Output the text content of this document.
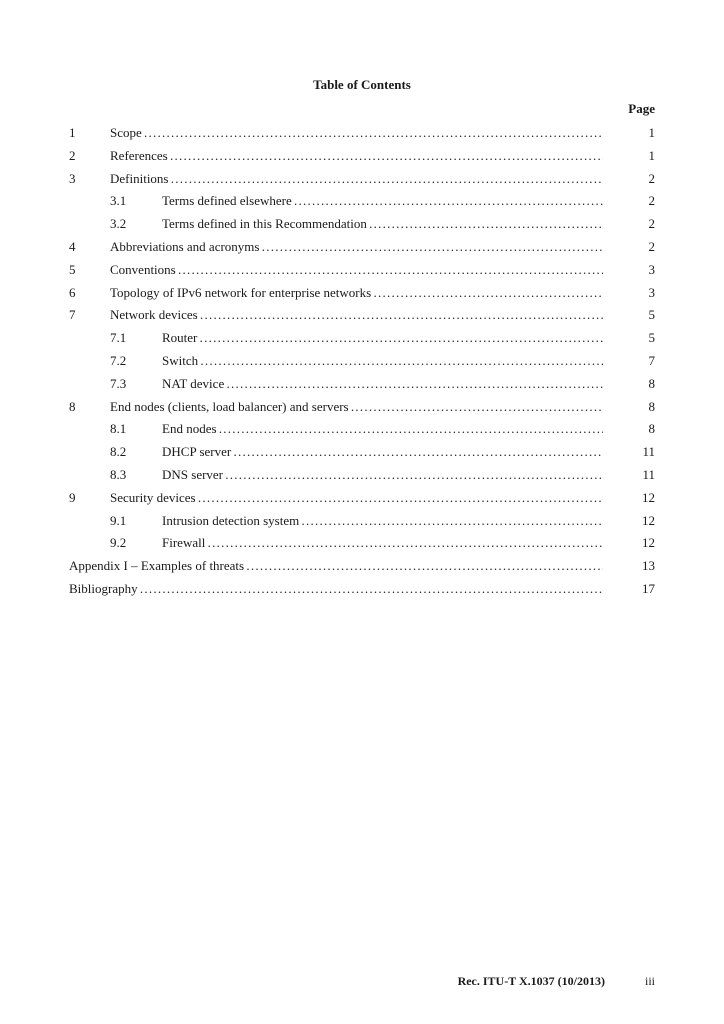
Table of Contents
Page
1	Scope . . .	1
2	References . . .	1
3	Definitions . . .	2
3.1	Terms defined elsewhere . . .	2
3.2	Terms defined in this Recommendation . . .	2
4	Abbreviations and acronyms . . .	2
5	Conventions . . .	3
6	Topology of IPv6 network for enterprise networks . . .	3
7	Network devices . . .	5
7.1	Router . . .	5
7.2	Switch . . .	7
7.3	NAT device . . .	8
8	End nodes (clients, load balancer) and servers . . .	8
8.1	End nodes . . .	8
8.2	DHCP server . . .	11
8.3	DNS server . . .	11
9	Security devices . . .	12
9.1	Intrusion detection system . . .	12
9.2	Firewall . . .	12
Appendix I – Examples of threats . . .	13
Bibliography . . .	17
Rec. ITU-T X.1037 (10/2013)	iii
